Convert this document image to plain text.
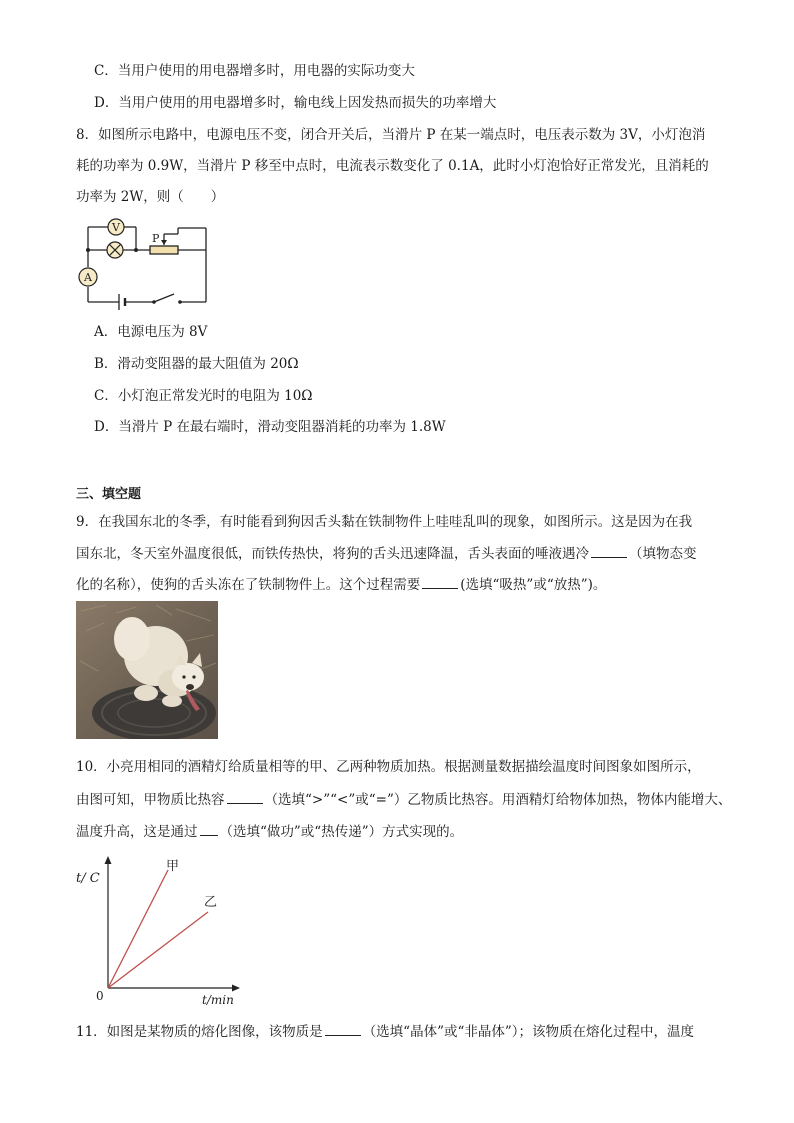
C．当用户使用的用电器增多时，用电器的实际功变大
D．当用户使用的用电器增多时，输电线上因发热而损失的功率增大
8．如图所示电路中，电源电压不变，闭合开关后，当滑片 P 在某一端点时，电压表示数为 3V，小灯泡消
耗的功率为 0.9W，当滑片 P 移至中点时，电流表示数变化了 0.1A，此时小灯泡恰好正常发光，且消耗的
功率为 2W，则（　　）
V
A
P
A．电源电压为 8V
B．滑动变阻器的最大阻值为 20Ω
C．小灯泡正常发光时的电阻为 10Ω
D．当滑片 P 在最右端时，滑动变阻器消耗的功率为 1.8W
三、填空题
9．在我国东北的冬季，有时能看到狗因舌头黏在铁制物件上哇哇乱叫的现象，如图所示。这是因为在我
国东北，冬天室外温度很低，而铁传热快，将狗的舌头迅速降温，舌头表面的唾液遇冷	（填物态变
化的名称），使狗的舌头冻在了铁制物件上。这个过程需要	(选填“吸热”或“放热”)。
10．小亮用相同的酒精灯给质量相等的甲、乙两种物质加热。根据测量数据描绘温度时间图象如图所示，
由图可知，甲物质比热容	（选填“>”“<”或“=”）乙物质比热容。用酒精灯给物体加热，物体内能增大、
温度升高，这是通过 （选填“做功”或“热传递”）方式实现的。
t/ C
t/min
0
甲
乙
11．如图是某物质的熔化图像，该物质是	（选填“晶体”或“非晶体”）；该物质在熔化过程中，温度
